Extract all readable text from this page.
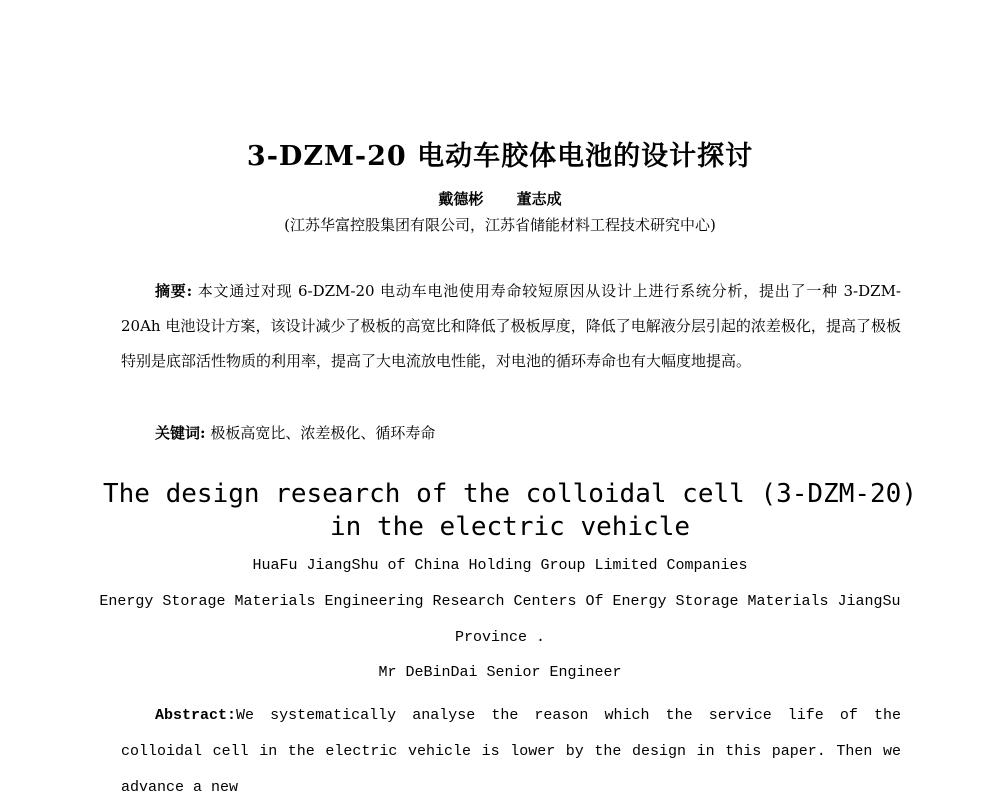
3-DZM-20 电动车胶体电池的设计探讨
戴德彬 董志成
(江苏华富控股集团有限公司，江苏省储能材料工程技术研究中心)
摘要: 本文通过对现 6-DZM-20 电动车电池使用寿命较短原因从设计上进行系统分析，提出了一种 3-DZM-20Ah 电池设计方案，该设计减少了极板的高宽比和降低了极板厚度，降低了电解液分层引起的浓差极化，提高了极板特别是底部活性物质的利用率，提高了大电流放电性能，对电池的循环寿命也有大幅度地提高。
关键词: 极板高宽比、浓差极化、循环寿命
The design research of the colloidal cell (3-DZM-20) in the electric vehicle
HuaFu JiangShu of China Holding Group Limited Companies
Energy Storage Materials Engineering Research Centers Of Energy Storage Materials JiangSu
Province .
Mr DeBinDai Senior Engineer
Abstract:We systematically analyse the reason which the service life of the colloidal cell in the electric vehicle is lower by the design in this paper. Then we advance a new
